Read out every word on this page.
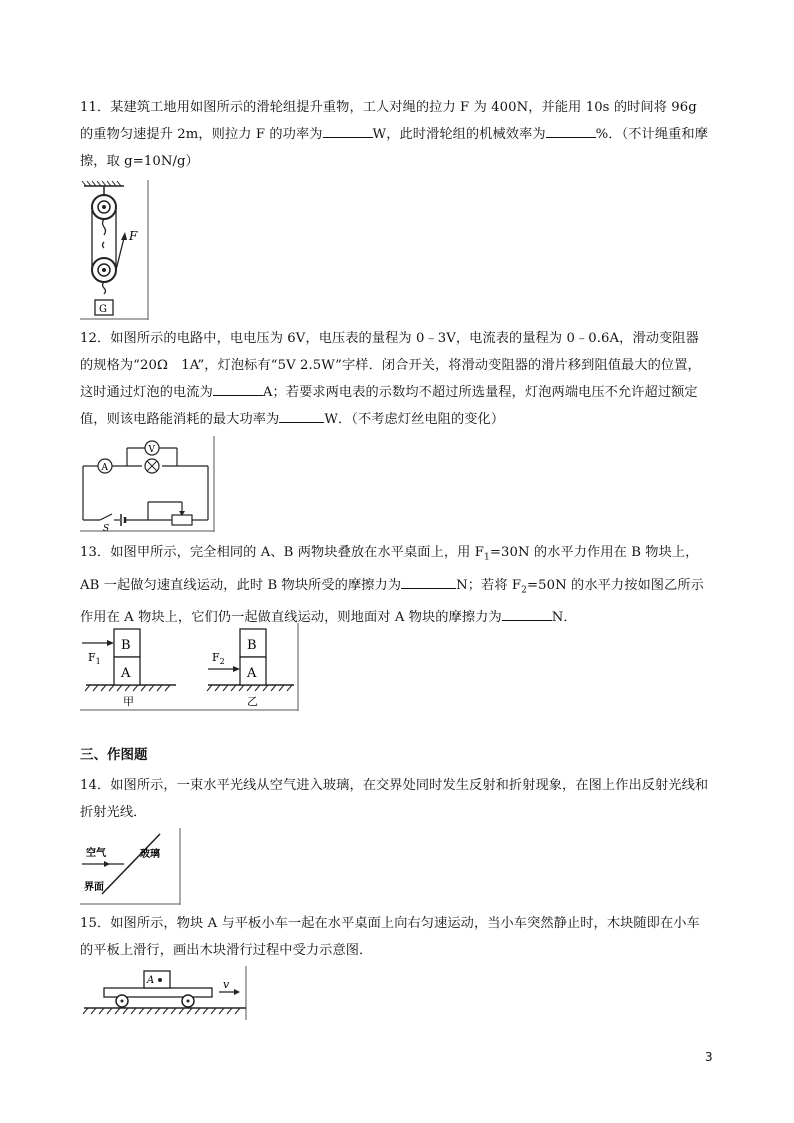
11．某建筑工地用如图所示的滑轮组提升重物，工人对绳的拉力 F 为 400N，并能用 10s 的时间将 96g 的重物匀速提升 2m，则拉力 F 的功率为	W，此时滑轮组的机械效率为	%．（不计绳重和摩擦，取 g=10N/g）

F
G

12．如图所示的电路中，电电压为 6V，电压表的量程为 0﹣3V，电流表的量程为 0﹣0.6A，滑动变阻器的规格为“20Ω　1A”，灯泡标有“5V 2.5W”字样．闭合开关，将滑动变阻器的滑片移到阻值最大的位置，这时通过灯泡的电流为	A；若要求两电表的示数均不超过所选量程，灯泡两端电压不允许超过额定值，则该电路能消耗的最大功率为	W．（不考虑灯丝电阻的变化）

A
V
S

13．如图甲所示，完全相同的 A、B 两物块叠放在水平桌面上，用 $F_1=30N$ 的水平力作用在 B 物块上，AB 一起做匀速直线运动，此时 B 物块所受的摩擦力为	N；若将 $F_2=50N$ 的水平力按如图乙所示作用在 A 物块上，它们仍一起做直线运动，则地面对 A 物块的摩擦力为	N．

B
A
$F_1$
甲
B
A
$F_2$
乙
三、作图题

14．如图所示，一束水平光线从空气进入玻璃，在交界处同时发生反射和折射现象，在图上作出反射光线和折射光线．

空气	玻璃
界面

15．如图所示，物块 A 与平板小车一起在水平桌面上向右匀速运动，当小车突然静止时，木块随即在小车的平板上滑行，画出木块滑行过程中受力示意图．

A	v
3
